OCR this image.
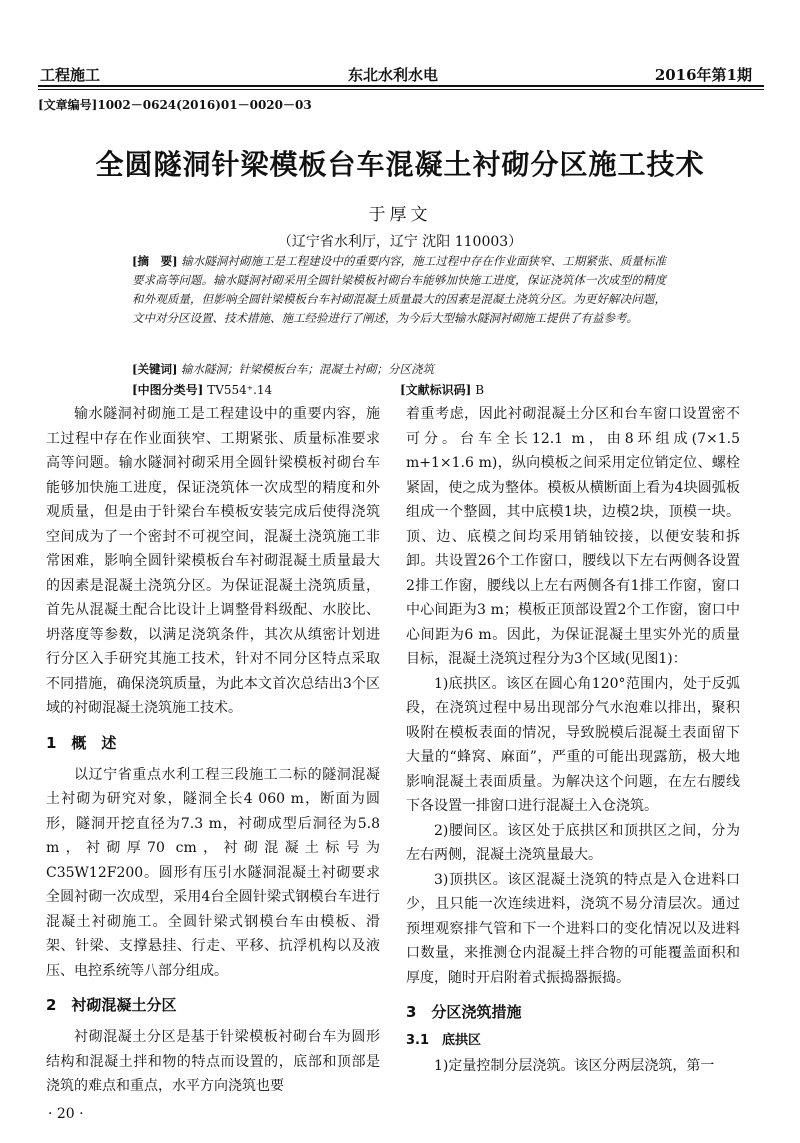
工程施工	东北水利水电	2016年第1期
[文章编号]1002－0624(2016)01－0020－03
全圆隧洞针梁模板台车混凝土衬砌分区施工技术
于厚文
（辽宁省水利厅，辽宁 沈阳 110003）
[摘　要] 输水隧洞衬砌施工是工程建设中的重要内容，施工过程中存在作业面狭窄、工期紧张、质量标准要求高等问题。输水隧洞衬砌采用全圆针梁模板衬砌台车能够加快施工进度，保证浇筑体一次成型的精度和外观质量，但影响全圆针梁模板台车衬砌混凝土质量最大的因素是混凝土浇筑分区。为更好解决问题，文中对分区设置、技术措施、施工经验进行了阐述，为今后大型输水隧洞衬砌施工提供了有益参考。
[关键词] 输水隧洞；针梁模板台车；混凝土衬砌；分区浇筑
[中图分类号] TV554⁺.14	[文献标识码] B

输水隧洞衬砌施工是工程建设中的重要内容，施工过程中存在作业面狭窄、工期紧张、质量标准要求高等问题。输水隧洞衬砌采用全圆针梁模板衬砌台车能够加快施工进度，保证浇筑体一次成型的精度和外观质量，但是由于针梁台车模板安装完成后使得浇筑空间成为了一个密封不可视空间，混凝土浇筑施工非常困难，影响全圆针梁模板台车衬砌混凝土质量最大的因素是混凝土浇筑分区。为保证混凝土浇筑质量，首先从混凝土配合比设计上调整骨料级配、水胶比、坍落度等参数，以满足浇筑条件，其次从缜密计划进行分区入手研究其施工技术，针对不同分区特点采取不同措施，确保浇筑质量，为此本文首次总结出3个区域的衬砌混凝土浇筑施工技术。

1　概　述

以辽宁省重点水利工程三段施工二标的隧洞混凝土衬砌为研究对象，隧洞全长4 060 m，断面为圆形，隧洞开挖直径为7.3 m，衬砌成型后洞径为5.8 m，衬砌厚70 cm，衬砌混凝土标号为C35W12F200。圆形有压引水隧洞混凝土衬砌要求全圆衬砌一次成型，采用4台全圆针梁式钢模台车进行混凝土衬砌施工。全圆针梁式钢模台车由模板、滑架、针梁、支撑悬挂、行走、平移、抗浮机构以及液压、电控系统等八部分组成。

2　衬砌混凝土分区

衬砌混凝土分区是基于针梁模板衬砌台车为圆形结构和混凝土拌和物的特点而设置的，底部和顶部是浇筑的难点和重点，水平方向浇筑也要

着重考虑，因此衬砌混凝土分区和台车窗口设置密不可分。台车全长12.1 m，由8环组成(7×1.5 m+1×1.6 m)，纵向模板之间采用定位销定位、螺栓紧固，使之成为整体。模板从横断面上看为4块圆弧板组成一个整圆，其中底模1块，边模2块，顶模一块。顶、边、底模之间均采用销轴铰接，以便安装和拆卸。共设置26个工作窗口，腰线以下左右两侧各设置2排工作窗，腰线以上左右两侧各有1排工作窗，窗口中心间距为3 m；模板正顶部设置2个工作窗，窗口中心间距为6 m。因此，为保证混凝土里实外光的质量目标，混凝土浇筑过程分为3个区域(见图1)：

1)底拱区。该区在圆心角120°范围内，处于反弧段，在浇筑过程中易出现部分气水泡难以排出，聚积吸附在模板表面的情况，导致脱模后混凝土表面留下大量的“蜂窝、麻面”，严重的可能出现露筋，极大地影响混凝土表面质量。为解决这个问题，在左右腰线下各设置一排窗口进行混凝土入仓浇筑。

2)腰间区。该区处于底拱区和顶拱区之间，分为左右两侧，混凝土浇筑量最大。

3)顶拱区。该区混凝土浇筑的特点是入仓进料口少，且只能一次连续进料，浇筑不易分清层次。通过预埋观察排气管和下一个进料口的变化情况以及进料口数量，来推测仓内混凝土拌合物的可能覆盖面积和厚度，随时开启附着式振捣器振捣。

3　分区浇筑措施
3.1　底拱区

1)定量控制分层浇筑。该区分两层浇筑，第一

· 20 ·
